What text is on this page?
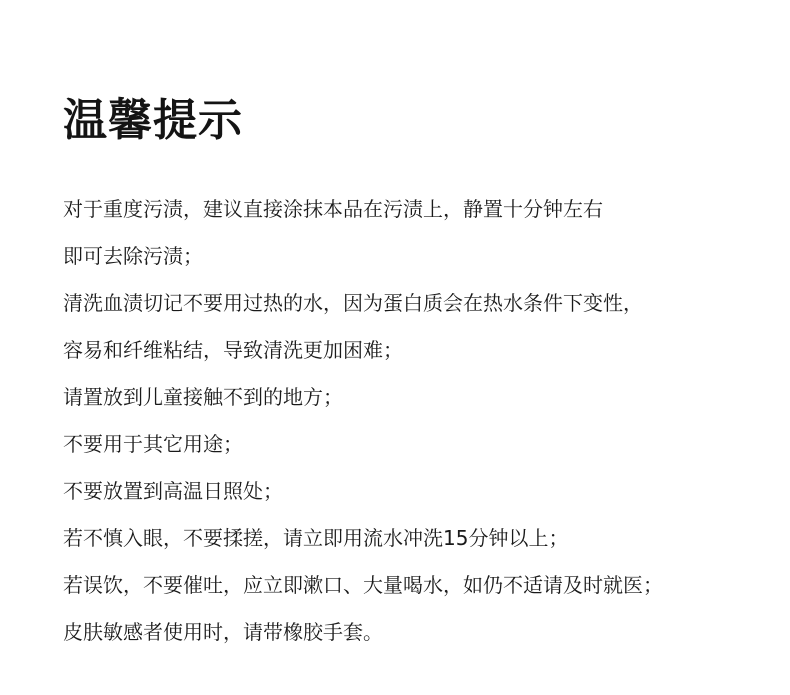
温馨提示

对于重度污渍，建议直接涂抹本品在污渍上，静置十分钟左右

即可去除污渍；

清洗血渍切记不要用过热的水，因为蛋白质会在热水条件下变性，

容易和纤维粘结，导致清洗更加困难；

请置放到儿童接触不到的地方；

不要用于其它用途；

不要放置到高温日照处；

若不慎入眼，不要揉搓，请立即用流水冲洗15分钟以上；

若误饮，不要催吐，应立即漱口、大量喝水，如仍不适请及时就医；

皮肤敏感者使用时，请带橡胶手套。
